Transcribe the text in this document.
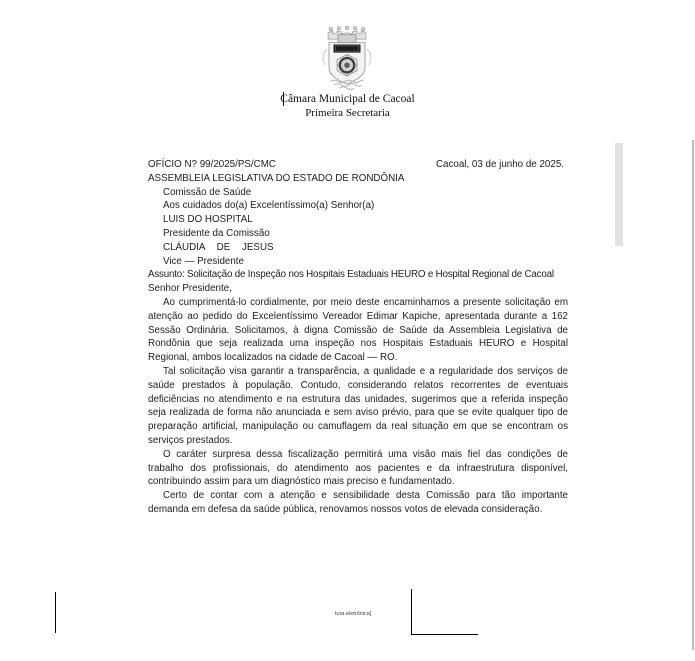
Câmara Municipal de Cacoal
Primeira Secretaria

OFÍCIO N? 99/2025/PS/CMC	Cacoal, 03 de junho de 2025.

ASSEMBLEIA LEGISLATIVA DO ESTADO DE RONDÔNIA

Comissão de Saúde

Aos cuidados do(a) Excelentíssimo(a) Senhor(a)

LUIS DO HOSPITAL

Presidente da Comissão

CLÁUDIA DE JESUS

Vice — Presidente

Assunto: Solicitação de Inspeção nos Hospitais Estaduais HEURO e Hospital Regional de Cacoal

Senhor Presidente,

Ao cumprimentá-lo cordialmente, por meio deste encaminhamos a presente solicitação em atenção ao pedido do Excelentíssimo Vereador Edimar Kapiche, apresentada durante a 162 Sessão Ordinária. Solicitamos, à digna Comissão de Saúde da Assembleia Legislativa de Rondônia que seja realizada uma inspeção nos Hospitais Estaduais HEURO e Hospital Regional, ambos localizados na cidade de Cacoal — RO.

Tal solicitação visa garantir a transparência, a qualidade e a regularidade dos serviços de saúde prestados à população. Contudo, considerando relatos recorrentes de eventuais deficiências no atendimento e na estrutura das unidades, sugerimos que a referida inspeção seja realizada de forma não anunciada e sem aviso prévio, para que se evite qualquer tipo de preparação artificial, manipulação ou camuflagem da real situação em que se encontram os serviços prestados.

O caráter surpresa dessa fiscalização permitirá uma visão mais fiel das condições de trabalho dos profissionais, do atendimento aos pacientes e da infraestrutura disponível, contribuindo assim para um diagnóstico mais preciso e fundamentado.

Certo de contar com a atenção e sensibilidade desta Comissão para tão importante demanda em defesa da saúde pública, renovamos nossos votos de elevada consideração.

tura eletrônica]
